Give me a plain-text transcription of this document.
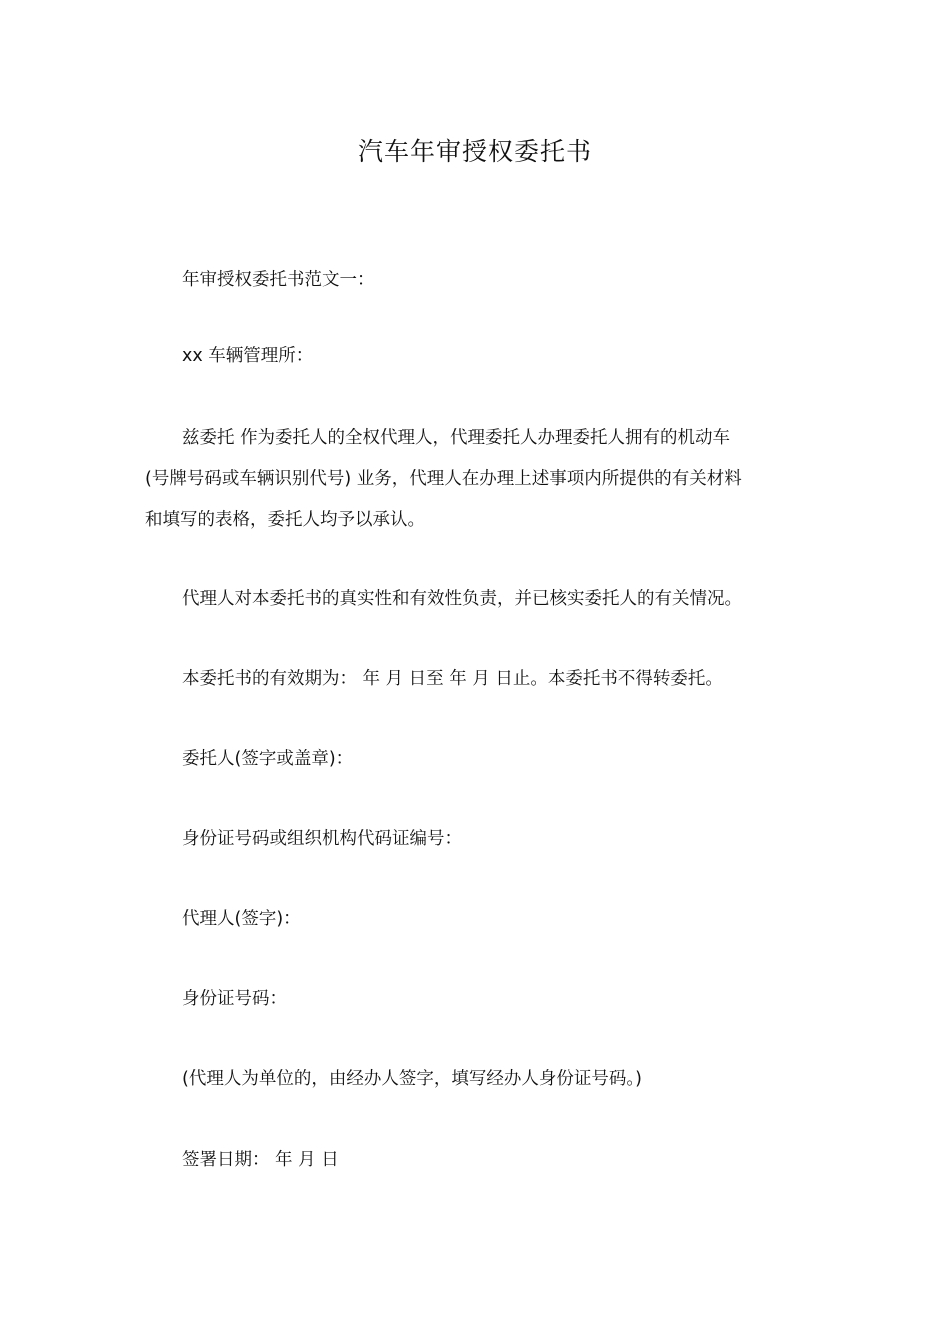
汽车年审授权委托书

年审授权委托书范文一：

xx 车辆管理所：

兹委托 作为委托人的全权代理人，代理委托人办理委托人拥有的机动车
(号牌号码或车辆识别代号) 业务，代理人在办理上述事项内所提供的有关材料
和填写的表格，委托人均予以承认。

代理人对本委托书的真实性和有效性负责，并已核实委托人的有关情况。

本委托书的有效期为： 年 月 日至 年 月 日止。本委托书不得转委托。

委托人(签字或盖章)：

身份证号码或组织机构代码证编号：

代理人(签字)：

身份证号码：

(代理人为单位的，由经办人签字，填写经办人身份证号码。)

签署日期： 年 月 日
